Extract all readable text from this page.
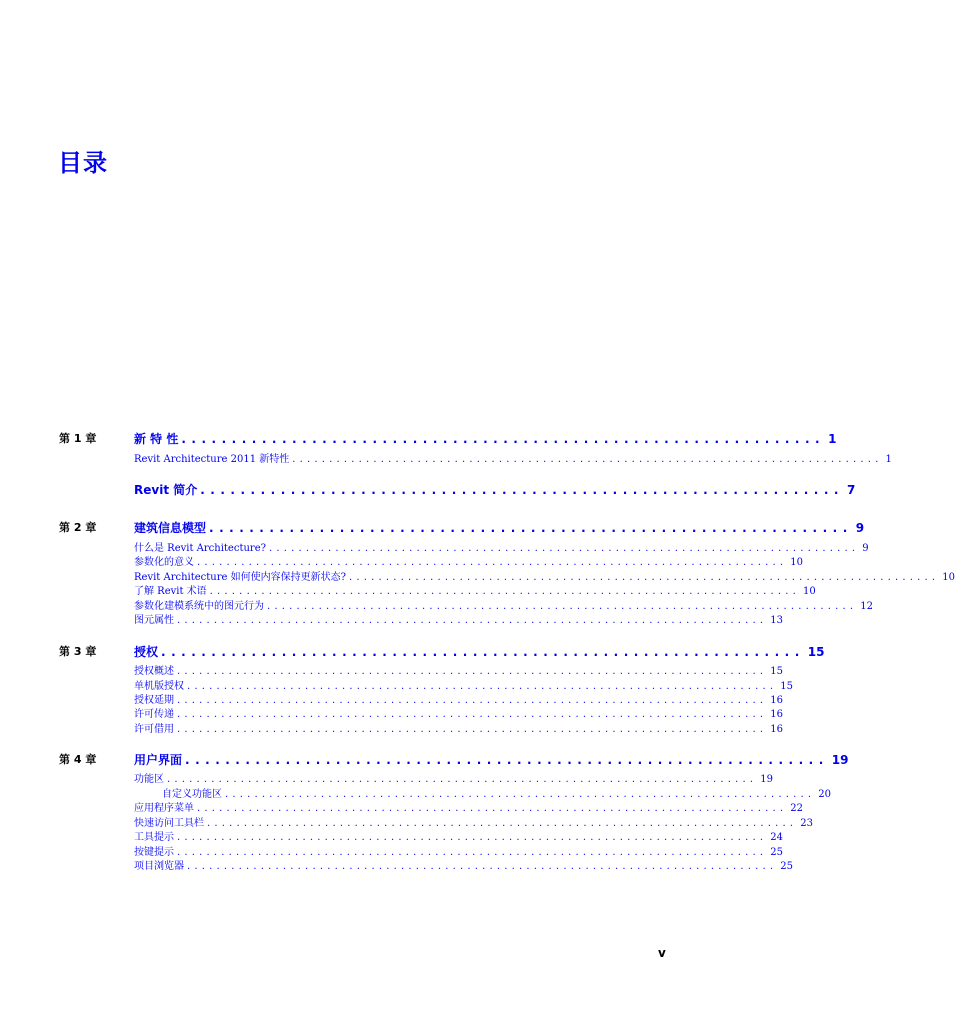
目录
第 1 章	新 特 性 ................................................................ 1
Revit Architecture 2011 新特性 ................................................................................ 1
Revit 简介 ................................................................ 7
第 2 章	建筑信息模型 ................................................................ 9
什么是 Revit Architecture? ................................................................................ 9
参数化的意义 ................................................................................ 10
Revit Architecture 如何使内容保持更新状态? ................................................................................ 10
了解 Revit 术语 ................................................................................ 10
参数化建模系统中的图元行为 ................................................................................ 12
图元属性 ................................................................................ 13
第 3 章	授权 ................................................................ 15
授权概述 ................................................................................ 15
单机版授权 ................................................................................ 15
授权延期 ................................................................................ 16
许可传递 ................................................................................ 16
许可借用 ................................................................................ 16
第 4 章	用户界面 ................................................................ 19
功能区 ................................................................................ 19
自定义功能区 ................................................................................ 20
应用程序菜单 ................................................................................ 22
快速访问工具栏 ................................................................................ 23
工具提示 ................................................................................ 24
按键提示 ................................................................................ 25
项目浏览器 ................................................................................ 25
v
